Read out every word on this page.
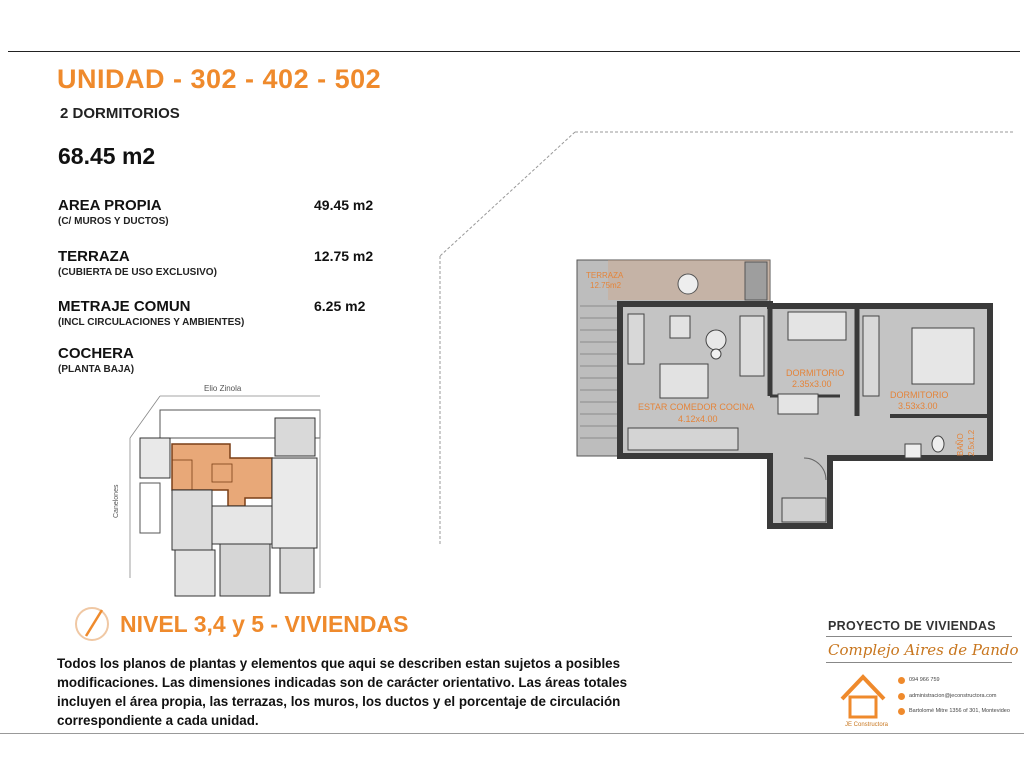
UNIDAD - 302 - 402 - 502
2 DORMITORIOS
68.45 m2
AREA PROPIA
(C/ MUROS Y DUCTOS)
49.45 m2
TERRAZA
(CUBIERTA DE USO EXCLUSIVO)
12.75 m2
METRAJE COMUN
(INCL CIRCULACIONES Y AMBIENTES)
6.25 m2
COCHERA
(PLANTA BAJA)
Elio Zinola
Canelones
TERRAZA
12.75m2
ESTAR COMEDOR COCINA
4.12x4.00
DORMITORIO
2.35x3.00
DORMITORIO
3.53x3.00
BAÑO 2.5x1.2
NIVEL 3,4 y 5 - VIVIENDAS
Todos los planos de plantas y elementos que aqui se describen estan sujetos a posibles modificaciones. Las dimensiones indicadas son de carácter orientativo. Las áreas totales incluyen el área propia, las terrazas, los muros, los ductos y el porcentaje de circulación correspondiente a cada unidad.
PROYECTO DE VIVIENDAS
Complejo Aires de Pando
JE Constructora
094 966 759
administracion@jeconstructora.com
Bartolomé Mitre 1356 of 301, Montevideo
